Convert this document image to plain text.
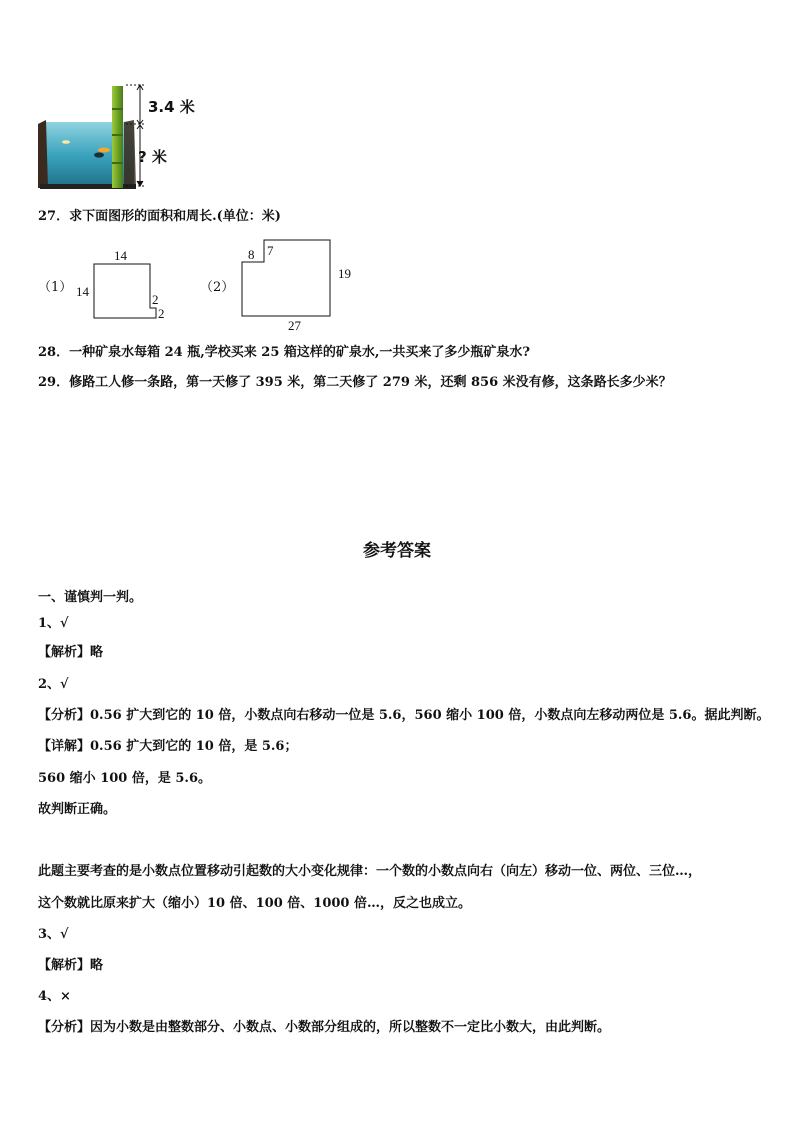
3.4 米
? 米
27．求下面图形的面积和周长.(单位：米)
（1）
14
14
2
2
（2）
8 7
19
27
28．一种矿泉水每箱 24 瓶,学校买来 25 箱这样的矿泉水,一共买来了多少瓶矿泉水?
29．修路工人修一条路，第一天修了 395 米，第二天修了 279 米，还剩 856 米没有修，这条路长多少米？
参考答案
一、谨慎判一判。
1、√
【解析】略
2、√
【分析】0.56 扩大到它的 10 倍，小数点向右移动一位是 5.6，560 缩小 100 倍，小数点向左移动两位是 5.6。据此判断。
【详解】0.56 扩大到它的 10 倍，是 5.6；
560 缩小 100 倍，是 5.6。
故判断正确。
此题主要考查的是小数点位置移动引起数的大小变化规律：一个数的小数点向右（向左）移动一位、两位、三位…，
这个数就比原来扩大（缩小）10 倍、100 倍、1000 倍…，反之也成立。
3、√
【解析】略
4、×
【分析】因为小数是由整数部分、小数点、小数部分组成的，所以整数不一定比小数大，由此判断。
